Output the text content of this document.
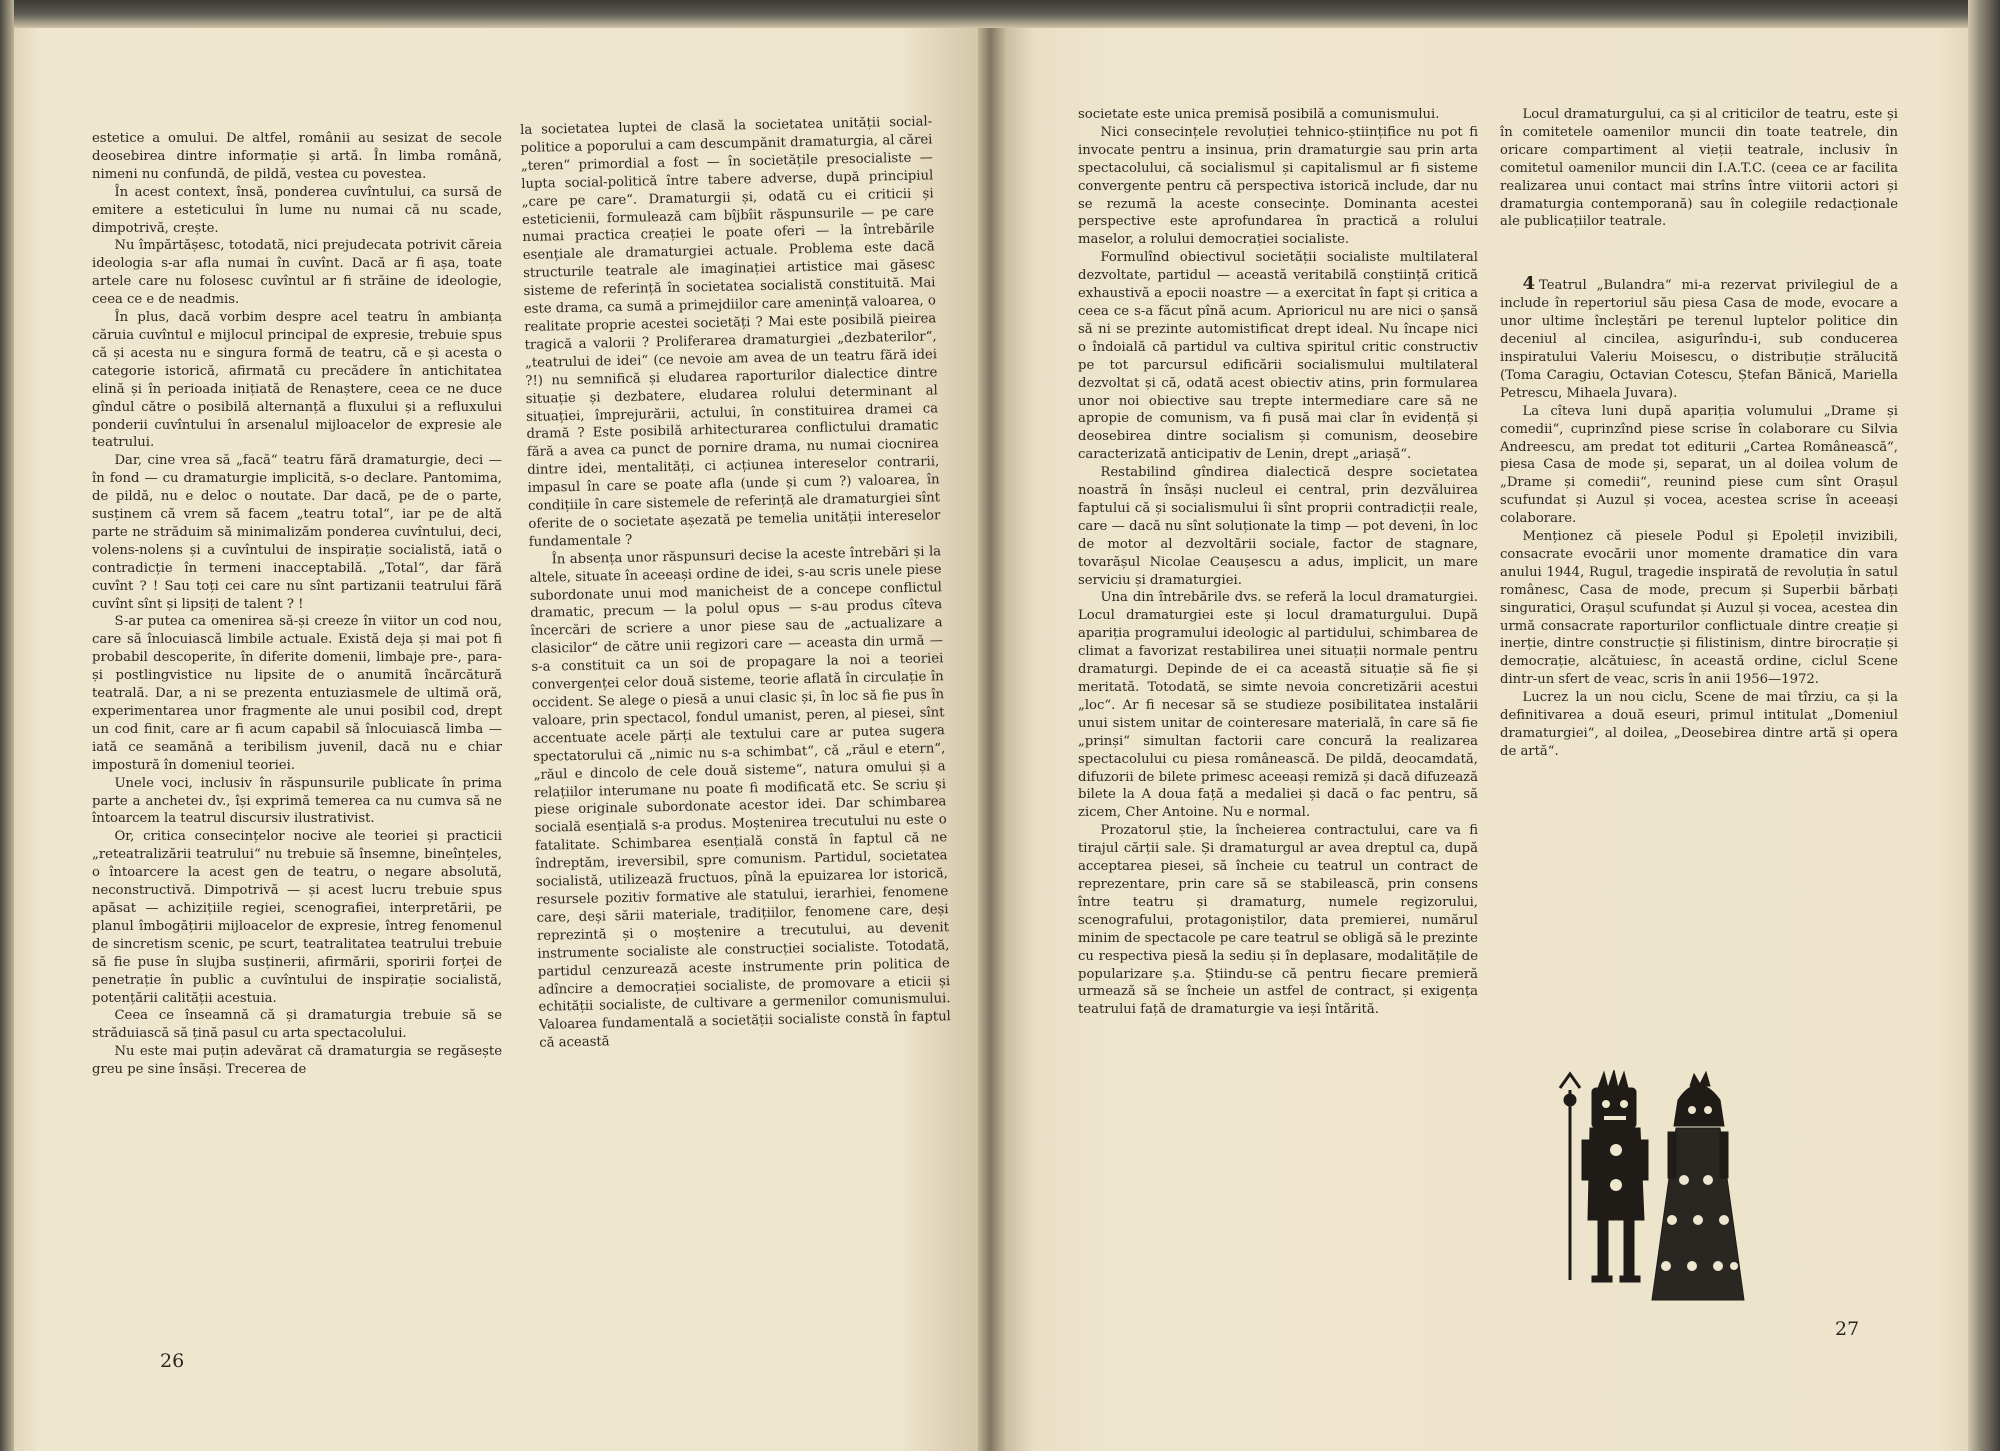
estetice a omului. De altfel, românii au sesizat de secole deosebirea dintre informație și artă. În limba română, nimeni nu confundă, de pildă, vestea cu povestea.

În acest context, însă, ponderea cuvîntului, ca sursă de emitere a esteticului în lume nu numai că nu scade, dimpotrivă, crește.

Nu împărtășesc, totodată, nici prejudecata potrivit căreia ideologia s-ar afla numai în cuvînt. Dacă ar fi așa, toate artele care nu folosesc cuvîntul ar fi străine de ideologie, ceea ce e de neadmis.

În plus, dacă vorbim despre acel teatru în ambianța căruia cuvîntul e mijlocul principal de expresie, trebuie spus că și acesta nu e singura formă de teatru, că e și acesta o categorie istorică, afirmată cu precădere în antichitatea elină și în perioada inițiată de Renaștere, ceea ce ne duce gîndul către o posibilă alternanță a fluxului și a refluxului ponderii cuvîntului în arsenalul mijloacelor de expresie ale teatrului.

Dar, cine vrea să „facă“ teatru fără dramaturgie, deci — în fond — cu dramaturgie implicită, s-o declare. Pantomima, de pildă, nu e deloc o noutate. Dar dacă, pe de o parte, susținem că vrem să facem „teatru total“, iar pe de altă parte ne străduim să minimalizăm ponderea cuvîntului, deci, volens-nolens și a cuvîntului de inspirație socialistă, iată o contradicție în termeni inacceptabilă. „Total“, dar fără cuvînt ? ! Sau toți cei care nu sînt partizanii teatrului fără cuvînt sînt și lipsiți de talent ? !

S-ar putea ca omenirea să-și creeze în viitor un cod nou, care să înlocuiască limbile actuale. Există deja și mai pot fi probabil descoperite, în diferite domenii, limbaje pre-, para- și postlingvistice nu lipsite de o anumită încărcătură teatrală. Dar, a ni se prezenta entuziasmele de ultimă oră, experimentarea unor fragmente ale unui posibil cod, drept un cod finit, care ar fi acum capabil să înlocuiască limba — iată ce seamănă a teribilism juvenil, dacă nu e chiar impostură în domeniul teoriei.

Unele voci, inclusiv în răspunsurile publicate în prima parte a anchetei dv., își exprimă temerea ca nu cumva să ne întoarcem la teatrul discursiv ilustrativist.

Or, critica consecințelor nocive ale teoriei și practicii „reteatralizării teatrului“ nu trebuie să însemne, bineînțeles, o întoarcere la acest gen de teatru, o negare absolută, neconstructivă. Dimpotrivă — și acest lucru trebuie spus apăsat — achizițiile regiei, scenografiei, interpretării, pe planul îmbogățirii mijloacelor de expresie, întreg fenomenul de sincretism scenic, pe scurt, teatralitatea teatrului trebuie să fie puse în slujba susținerii, afirmării, sporirii forței de penetrație în public a cuvîntului de inspirație socialistă, potențării calității acestuia.

Ceea ce înseamnă că și dramaturgia trebuie să se străduiască să țină pasul cu arta spectacolului.

Nu este mai puțin adevărat că dramaturgia se regăsește greu pe sine însăși. Trecerea de

la societatea luptei de clasă la societatea unității social-politice a poporului a cam descumpănit dramaturgia, al cărei „teren“ primordial a fost — în societățile presocialiste — lupta social-politică între tabere adverse, după principiul „care pe care“. Dramaturgii și, odată cu ei criticii și esteticienii, formulează cam bîjbîit răspunsurile — pe care numai practica creației le poate oferi — la întrebările esențiale ale dramaturgiei actuale. Problema este dacă structurile teatrale ale imaginației artistice mai găsesc sisteme de referință în societatea socialistă constituită. Mai este drama, ca sumă a primejdiilor care amenință valoarea, o realitate proprie acestei societăți ? Mai este posibilă pieirea tragică a valorii ? Proliferarea dramaturgiei „dezbaterilor“, „teatrului de idei“ (ce nevoie am avea de un teatru fără idei ?!) nu semnifică și eludarea raporturilor dialectice dintre situație și dezbatere, eludarea rolului determinant al situației, împrejurării, actului, în constituirea dramei ca dramă ? Este posibilă arhitecturarea conflictului dramatic fără a avea ca punct de pornire drama, nu numai ciocnirea dintre idei, mentalități, ci acțiunea intereselor contrarii, impasul în care se poate afla (unde și cum ?) valoarea, în condițiile în care sistemele de referință ale dramaturgiei sînt oferite de o societate așezată pe temelia unității intereselor fundamentale ?

În absența unor răspunsuri decise la aceste întrebări și la altele, situate în aceeași ordine de idei, s-au scris unele piese subordonate unui mod manicheist de a concepe conflictul dramatic, precum — la polul opus — s-au produs cîteva încercări de scriere a unor piese sau de „actualizare a clasicilor“ de către unii regizori care — aceasta din urmă — s-a constituit ca un soi de propagare la noi a teoriei convergenței celor două sisteme, teorie aflată în circulație în occident. Se alege o piesă a unui clasic și, în loc să fie pus în valoare, prin spectacol, fondul umanist, peren, al piesei, sînt accentuate acele părți ale textului care ar putea sugera spectatorului că „nimic nu s-a schimbat“, că „răul e etern“, „răul e dincolo de cele două sisteme“, natura omului și a relațiilor interumane nu poate fi modificată etc. Se scriu și piese originale subordonate acestor idei. Dar schimbarea socială esențială s-a produs. Moștenirea trecutului nu este o fatalitate. Schimbarea esențială constă în faptul că ne îndreptăm, ireversibil, spre comunism. Partidul, societatea socialistă, utilizează fructuos, pînă la epuizarea lor istorică, resursele pozitiv formative ale statului, ierarhiei, fenomene care, deși sării materiale, tradițiilor, fenomene care, deși reprezintă și o moștenire a trecutului, au devenit instrumente socialiste ale construcției socialiste. Totodată, partidul cenzurează aceste instrumente prin politica de adîncire a democrației socialiste, de promovare a eticii și echității socialiste, de cultivare a germenilor comunismului. Valoarea fundamentală a societății socialiste constă în faptul că această

26

societate este unica premisă posibilă a comunismului.

Nici consecințele revoluției tehnico-științifice nu pot fi invocate pentru a insinua, prin dramaturgie sau prin arta spectacolului, că socialismul și capitalismul ar fi sisteme convergente pentru că perspectiva istorică include, dar nu se rezumă la aceste consecințe. Dominanta acestei perspective este aprofundarea în practică a rolului maselor, a rolului democrației socialiste.

Formulînd obiectivul societății socialiste multilateral dezvoltate, partidul — această veritabilă conștiință critică exhaustivă a epocii noastre — a exercitat în fapt și critica a ceea ce s-a făcut pînă acum. Aprioricul nu are nici o șansă să ni se prezinte automistificat drept ideal. Nu încape nici o îndoială că partidul va cultiva spiritul critic constructiv pe tot parcursul edificării socialismului multilateral dezvoltat și că, odată acest obiectiv atins, prin formularea unor noi obiective sau trepte intermediare care să ne apropie de comunism, va fi pusă mai clar în evidență și deosebirea dintre socialism și comunism, deosebire caracterizată anticipativ de Lenin, drept „ariașă“.

Restabilind gîndirea dialectică despre societatea noastră în însăși nucleul ei central, prin dezvăluirea faptului că și socialismului îi sînt proprii contradicții reale, care — dacă nu sînt soluționate la timp — pot deveni, în loc de motor al dezvoltării sociale, factor de stagnare, tovarășul Nicolae Ceaușescu a adus, implicit, un mare serviciu și dramaturgiei.

Una din întrebările dvs. se referă la locul dramaturgiei. Locul dramaturgiei este și locul dramaturgului. După apariția programului ideologic al partidului, schimbarea de climat a favorizat restabilirea unei situații normale pentru dramaturgi. Depinde de ei ca această situație să fie și meritată. Totodată, se simte nevoia concretizării acestui „loc“. Ar fi necesar să se studieze posibilitatea instalării unui sistem unitar de cointeresare materială, în care să fie „prinși“ simultan factorii care concură la realizarea spectacolului cu piesa românească. De pildă, deocamdată, difuzorii de bilete primesc aceeași remiză și dacă difuzează bilete la A doua față a medaliei și dacă o fac pentru, să zicem, Cher Antoine. Nu e normal.

Prozatorul știe, la încheierea contractului, care va fi tirajul cărții sale. Și dramaturgul ar avea dreptul ca, după acceptarea piesei, să încheie cu teatrul un contract de reprezentare, prin care să se stabilească, prin consens între teatru și dramaturg, numele regizorului, scenografului, protagoniștilor, data premierei, numărul minim de spectacole pe care teatrul se obligă să le prezinte cu respectiva piesă la sediu și în deplasare, modalitățile de popularizare ș.a. Știindu-se că pentru fiecare premieră urmează să se încheie un astfel de contract, și exigența teatrului față de dramaturgie va ieși întărită.

Locul dramaturgului, ca și al criticilor de teatru, este și în comitetele oamenilor muncii din toate teatrele, din oricare compartiment al vieții teatrale, inclusiv în comitetul oamenilor muncii din I.A.T.C. (ceea ce ar facilita realizarea unui contact mai strîns între viitorii actori și dramaturgia contemporană) sau în colegiile redacționale ale publicațiilor teatrale.

4 Teatrul „Bulandra“ mi-a rezervat privilegiul de a include în repertoriul său piesa Casa de mode, evocare a unor ultime încleștări pe terenul luptelor politice din deceniul al cincilea, asigurîndu-i, sub conducerea inspiratului Valeriu Moisescu, o distribuție strălucită (Toma Caragiu, Octavian Cotescu, Ștefan Bănică, Mariella Petrescu, Mihaela Juvara).

La cîteva luni după apariția volumului „Drame și comedii“, cuprinzînd piese scrise în colaborare cu Silvia Andreescu, am predat tot editurii „Cartea Românească“, piesa Casa de mode și, separat, un al doilea volum de „Drame și comedii“, reunind piese cum sînt Orașul scufundat și Auzul și vocea, acestea scrise în aceeași colaborare.

Menționez că piesele Podul și Epolețil invizibili, consacrate evocării unor momente dramatice din vara anului 1944, Rugul, tragedie inspirată de revoluția în satul românesc, Casa de mode, precum și Superbii bărbați singuratici, Orașul scufundat și Auzul și vocea, acestea din urmă consacrate raporturilor conflictuale dintre creație și inerție, dintre construcție și filistinism, dintre birocrație și democrație, alcătuiesc, în această ordine, ciclul Scene dintr-un sfert de veac, scris în anii 1956—1972.

Lucrez la un nou ciclu, Scene de mai tîrziu, ca și la definitivarea a două eseuri, primul intitulat „Domeniul dramaturgiei“, al doilea, „Deosebirea dintre artă și opera de artă“.

27
